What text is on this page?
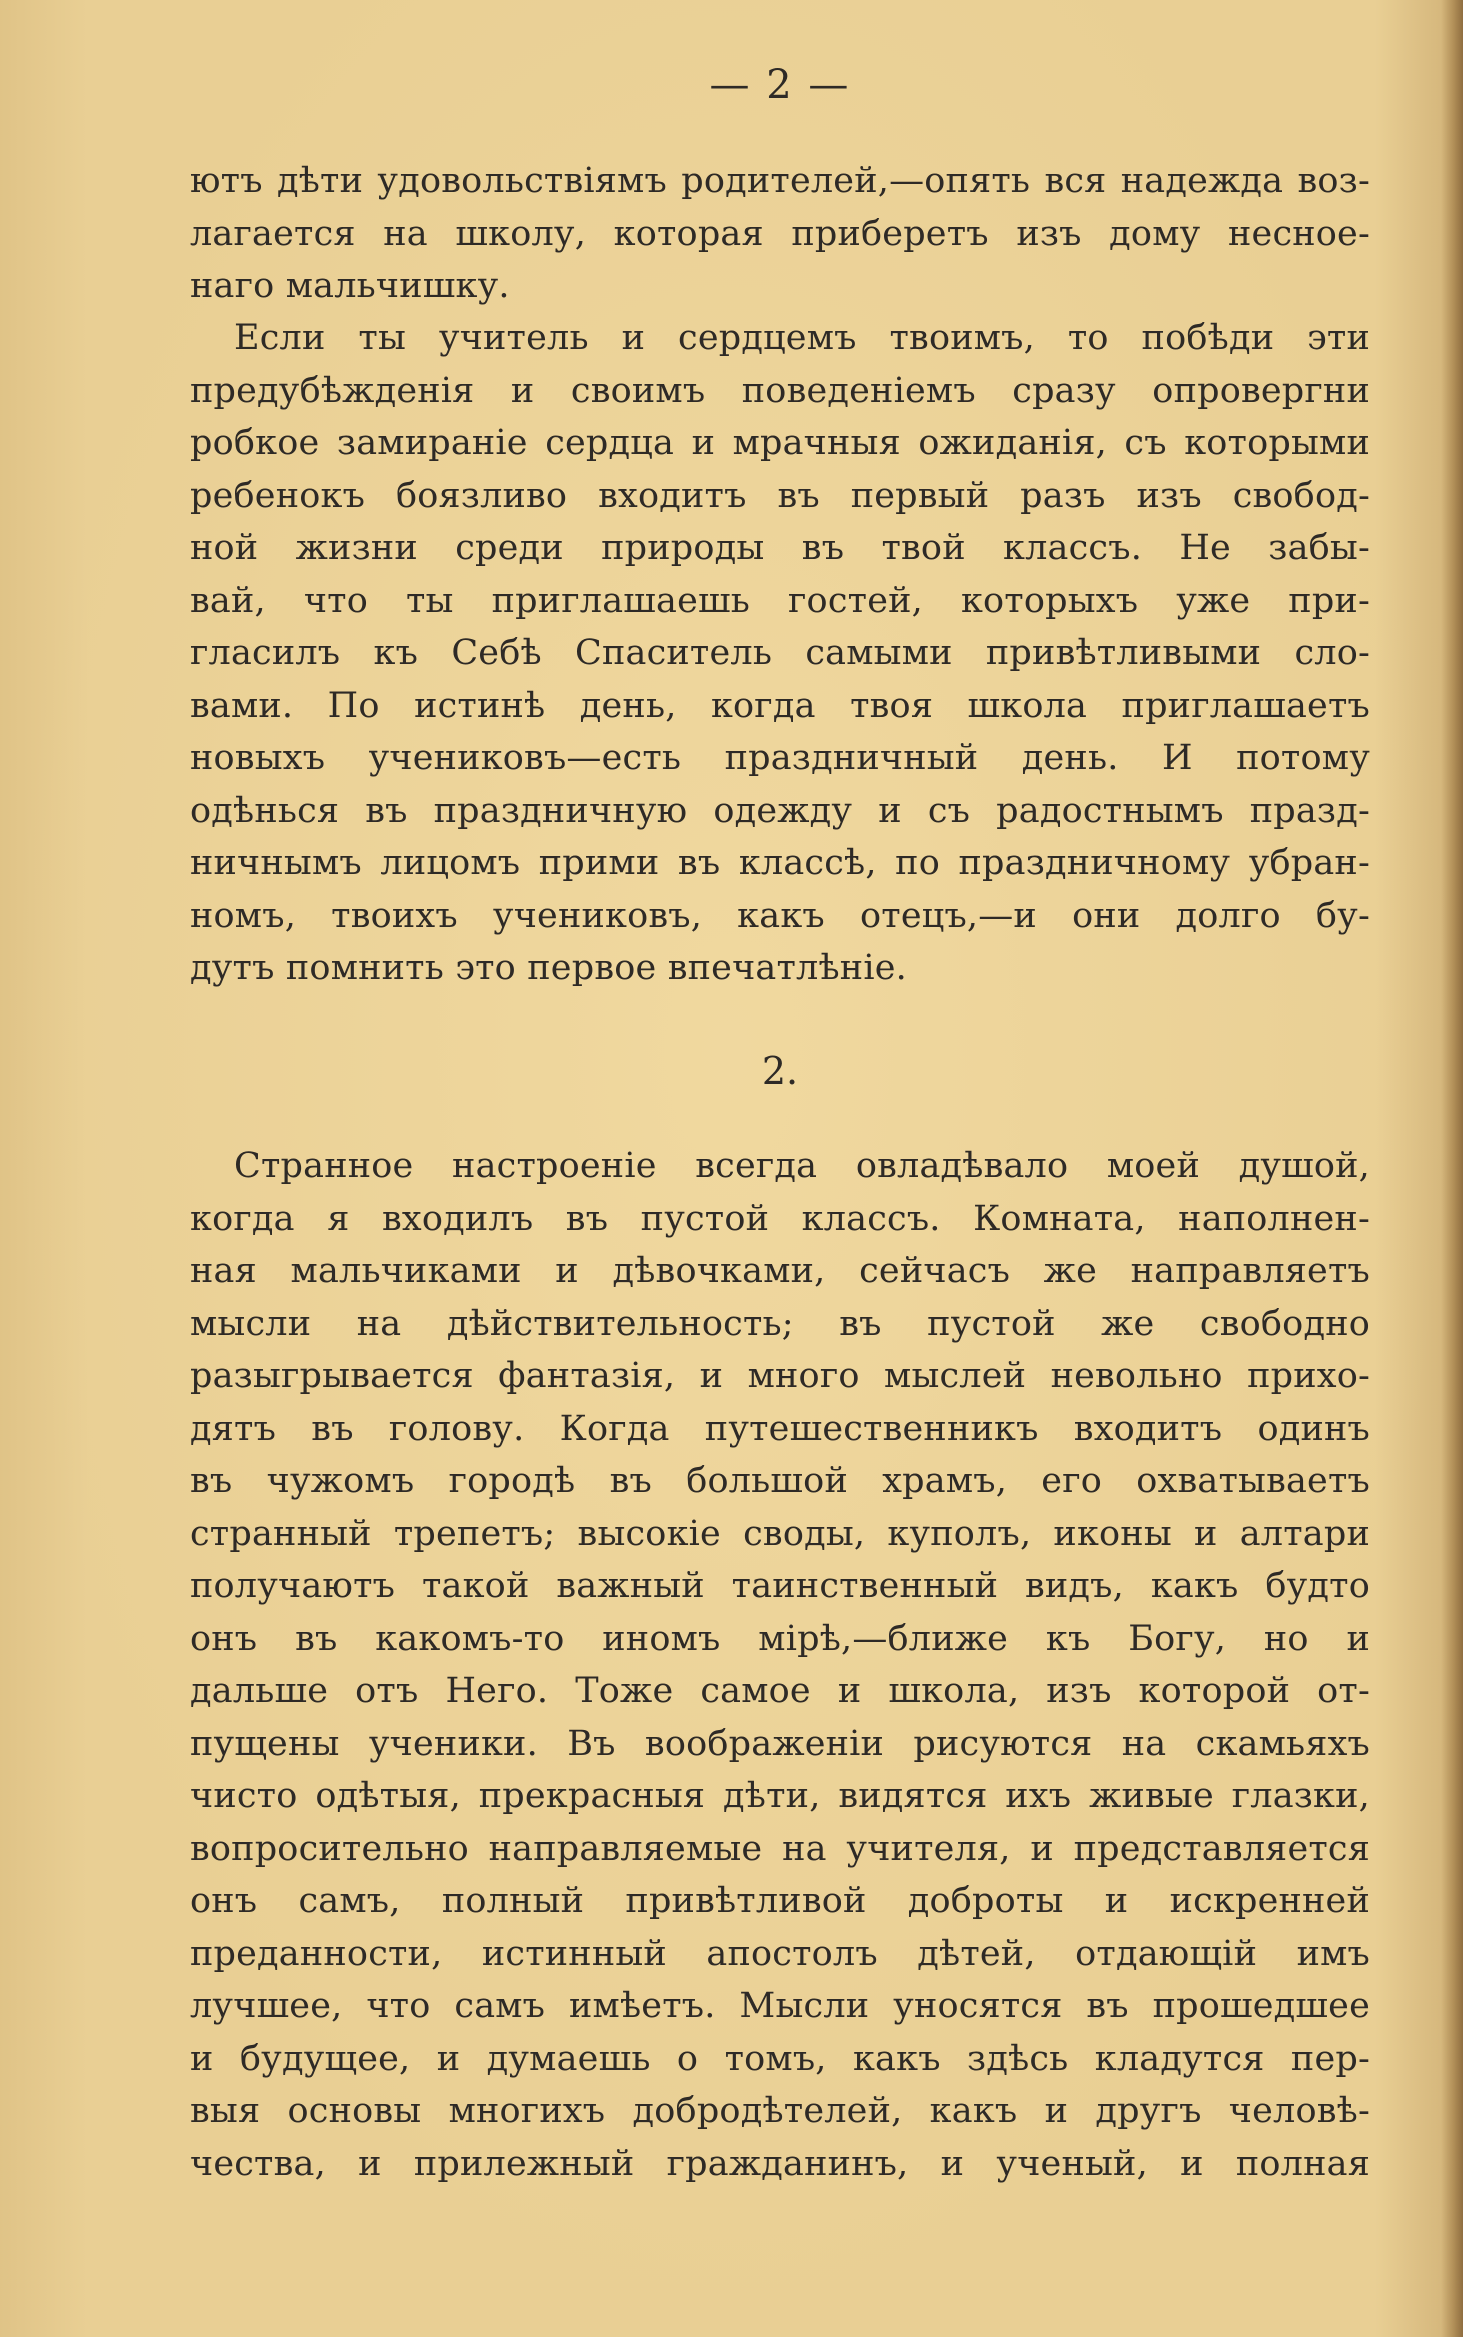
— 2 —
ютъ дѣти удовольствіямъ родителей,—опять вся надежда воз-
лагается на школу, которая приберетъ изъ дому несное-
наго мальчишку.
Если ты учитель и сердцемъ твоимъ, то побѣди эти
предубѣжденія и своимъ поведеніемъ сразу опровергни
робкое замираніе сердца и мрачныя ожиданія, съ которыми
ребенокъ боязливо входитъ въ первый разъ изъ свобод-
ной жизни среди природы въ твой классъ. Не забы-
вай, что ты приглашаешь гостей, которыхъ уже при-
гласилъ къ Себѣ Спаситель самыми привѣтливыми сло-
вами. По истинѣ день, когда твоя школа приглашаетъ
новыхъ учениковъ—есть праздничный день. И потому
одѣнься въ праздничную одежду и съ радостнымъ празд-
ничнымъ лицомъ прими въ классѣ, по праздничному убран-
номъ, твоихъ учениковъ, какъ отецъ,—и они долго бу-
дутъ помнить это первое впечатлѣніе.
2.
Странное настроеніе всегда овладѣвало моей душой,
когда я входилъ въ пустой классъ. Комната, наполнен-
ная мальчиками и дѣвочками, сейчасъ же направляетъ
мысли на дѣйствительность; въ пустой же свободно
разыгрывается фантазія, и много мыслей невольно прихо-
дятъ въ голову. Когда путешественникъ входитъ одинъ
въ чужомъ городѣ въ большой храмъ, его охватываетъ
странный трепетъ; высокіе своды, куполъ, иконы и алтари
получаютъ такой важный таинственный видъ, какъ будто
онъ въ какомъ-то иномъ мірѣ,—ближе къ Богу, но и
дальше отъ Него. Тоже самое и школа, изъ которой от-
пущены ученики. Въ воображеніи рисуются на скамьяхъ
чисто одѣтыя, прекрасныя дѣти, видятся ихъ живые глазки,
вопросительно направляемые на учителя, и представляется
онъ самъ, полный привѣтливой доброты и искренней
преданности, истинный апостолъ дѣтей, отдающій имъ
лучшее, что самъ имѣетъ. Мысли уносятся въ прошедшее
и будущее, и думаешь о томъ, какъ здѣсь кладутся пер-
выя основы многихъ добродѣтелей, какъ и другъ человѣ-
чества, и прилежный гражданинъ, и ученый, и полная
